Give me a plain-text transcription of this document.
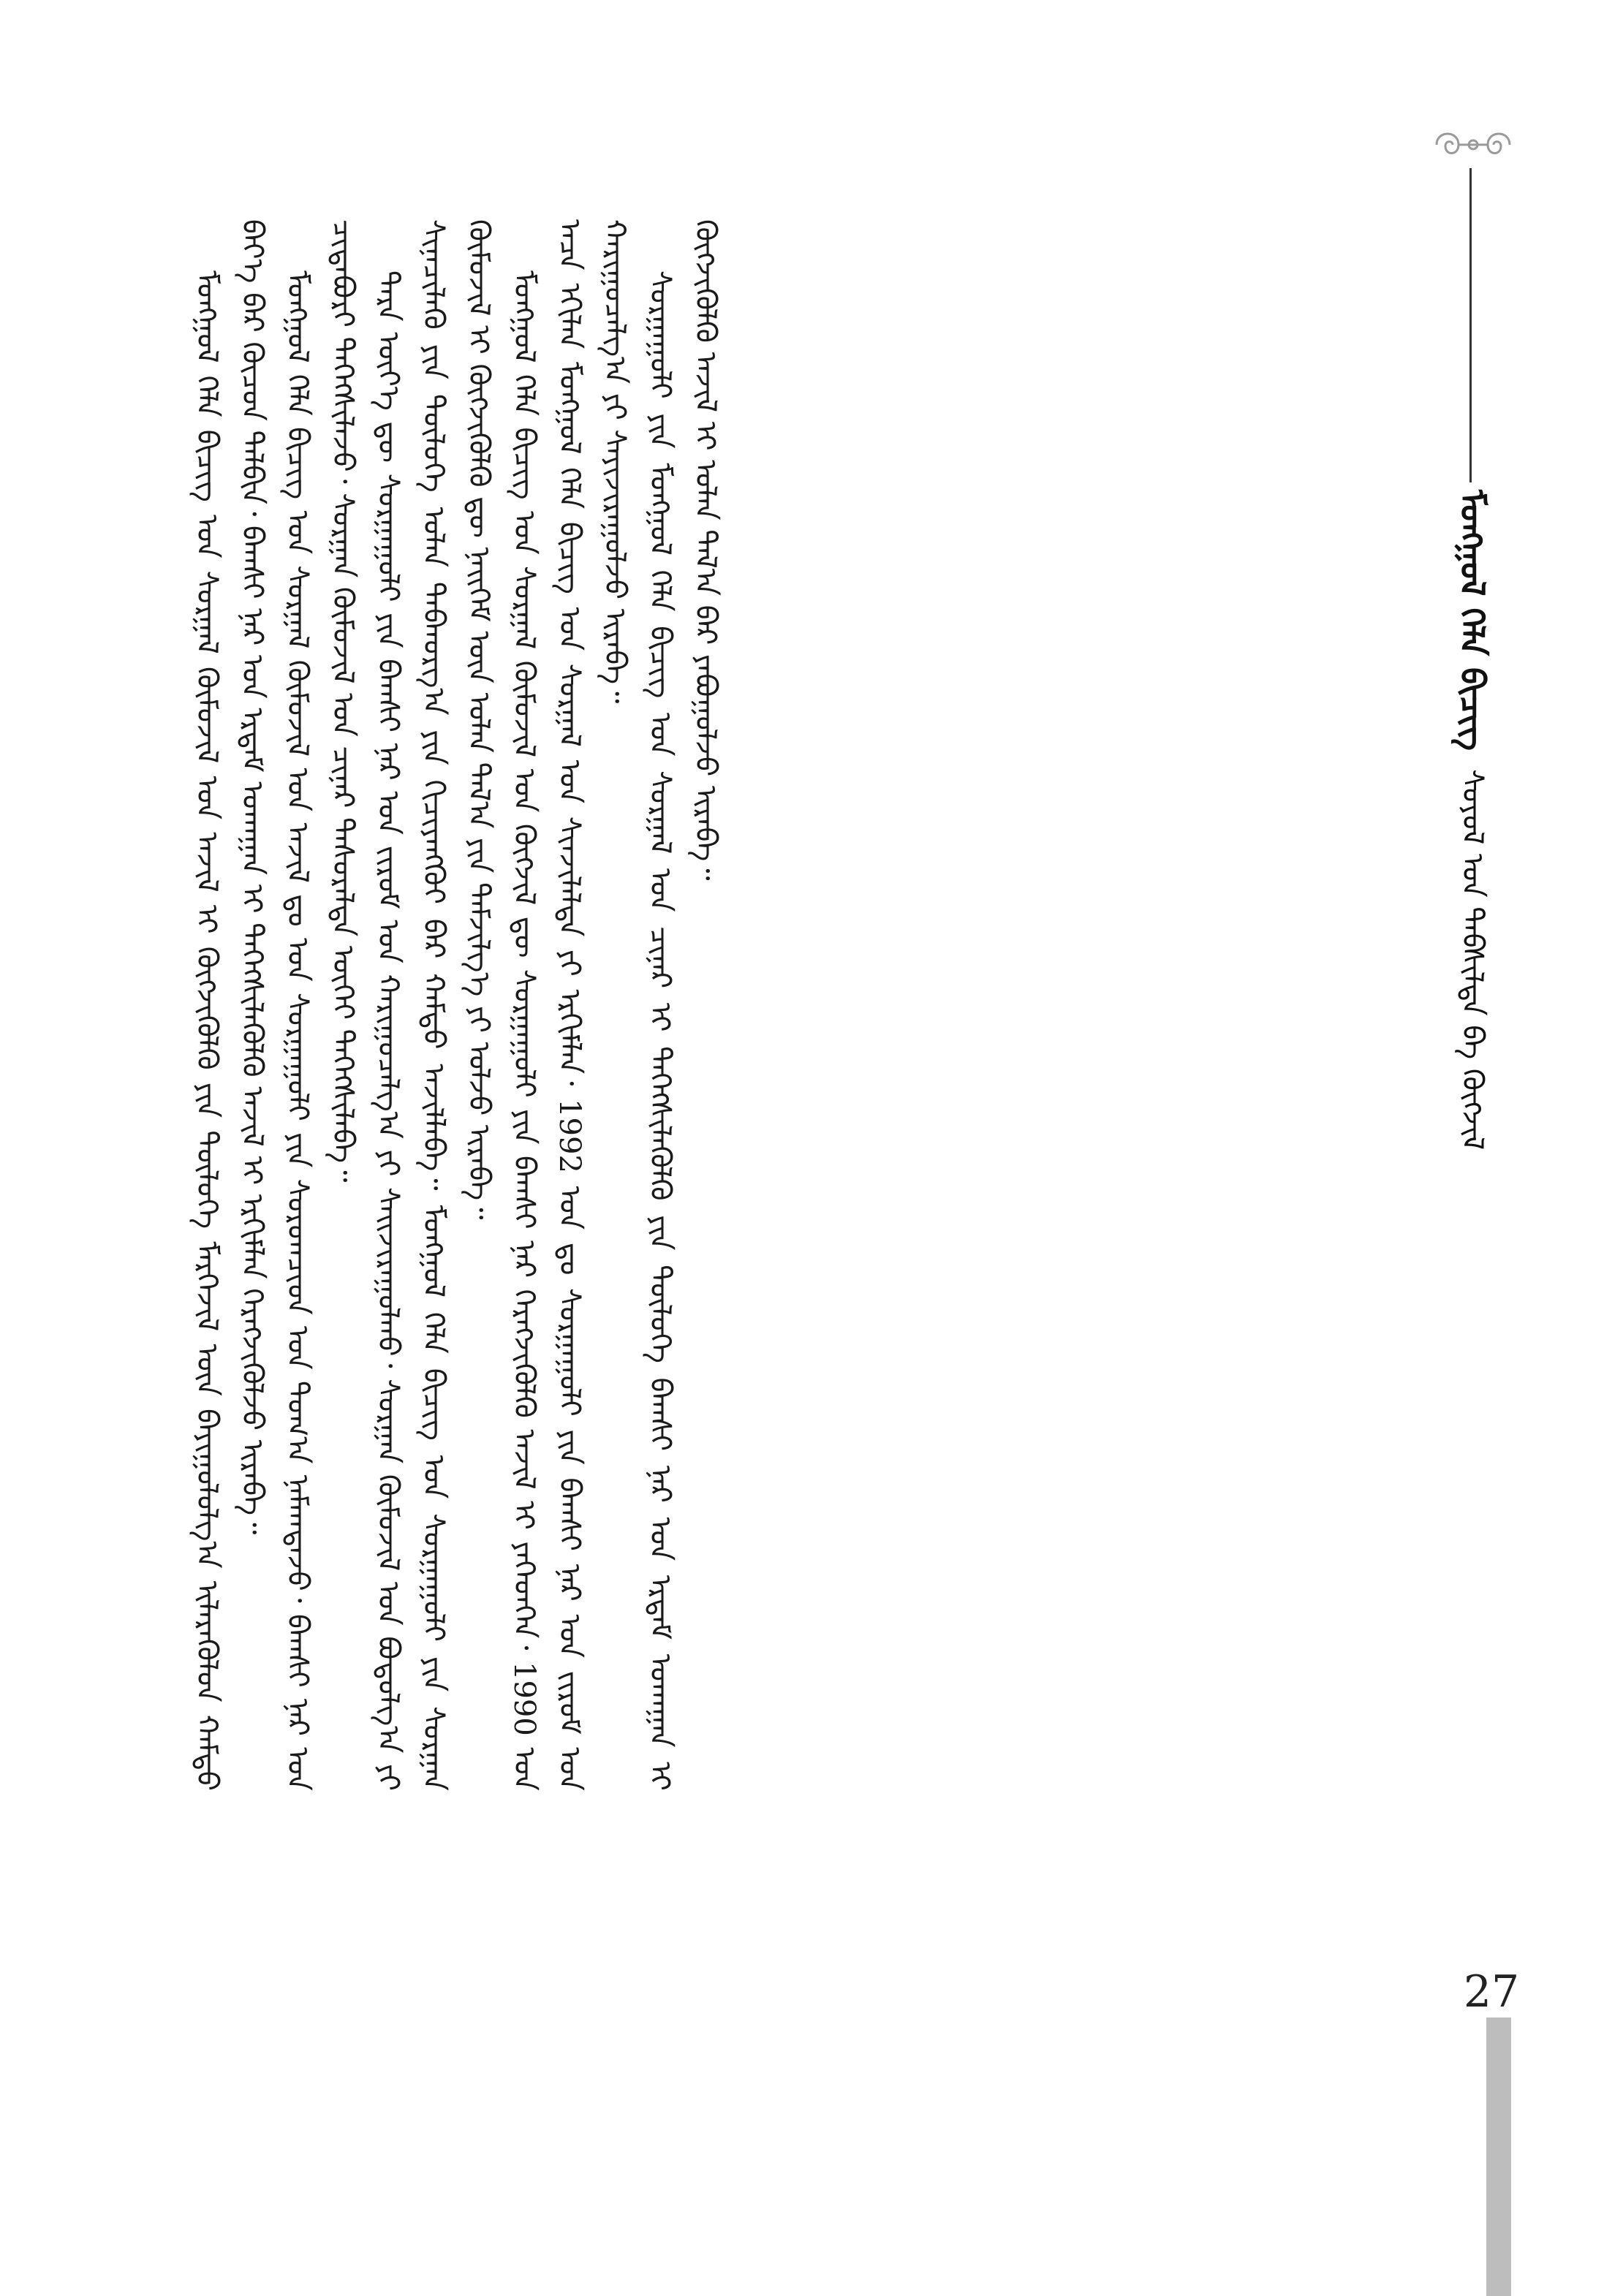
ᠮᠣᠩᠭᠣᠯ ᠬᠡᠯᠡ ᠪᠢᠴᠢᠭ  ᠰᠣᠶᠣᠯ ᠤᠨ ᠳᠡᠪᠰᠢᠯᠲᠡ ᠪᠠ ᠬᠥᠭᠵᠢᠯ

ᠮᠣᠩᠭᠣᠯ ᠬᠡᠯᠡ ᠪᠢᠴᠢᠭ ᠤᠨ ᠰᠤᠷᠭᠠᠯ ᠬᠦᠮᠦᠵᠢᠯ ᠤᠨ ᠠᠵᠢᠯ ᠢ ᠬᠥᠭᠵᠢᠭᠦᠯᠬᠦ ᠶᠢᠨ ᠲᠥᠯᠥᠭᠡ ᠮᠡᠷᠭᠡᠵᠢᠯ ᠦᠨ ᠪᠠᠶᠢᠭᠤᠯᠤᠯᠭ᠎ᠠ ᠢᠯᠡᠷᠡᠭᠦᠯᠦᠨ ᠬᠠᠮᠲᠤ ᠪᠡᠶ᠎ᠡ ᠪᠡᠷ ᠬᠦᠴᠦᠨ ᠲᠠᠯᠪᠢᠨ᠂ ᠪᠠᠭᠰᠢ ᠨᠠᠷ ᠤᠨ ᠡᠷᠳᠡᠮ ᠤᠬᠠᠭᠠᠨ ᠢ ᠳᠡᠭᠡᠭᠰᠢᠯᠡᠭᠦᠯᠬᠦ ᠠᠵᠢᠯ ᠢ ᠡᠷᠬᠢᠮᠯᠡᠨ ᠬᠡᠷᠡᠭᠵᠢᠭᠦᠯᠵᠦ ᠢᠷᠡᠪᠡ᠃ ᠮᠣᠩᠭᠣᠯ ᠬᠡᠯᠡ ᠪᠢᠴᠢᠭ ᠤᠨ ᠰᠤᠷᠭᠠᠯ ᠬᠦᠮᠦᠵᠢᠯ ᠤᠨ ᠠᠵᠢᠯ ᠳᠤ ᠤᠨ ᠰᠤᠷᠭᠠᠭᠤᠯᠢ ᠶᠢᠨ ᠰᠤᠷᠤᠭᠴᠢᠳ ᠤᠨ ᠲᠣᠭ᠎ᠠ ᠨᠡᠮᠡᠭ᠍ᠳᠡᠵᠦ᠂ ᠪᠠᠭᠰᠢ ᠨᠠᠷ ᠤᠨ ᠴᠢᠳᠠᠪᠤᠷᠢ ᠳᠡᠭᠡᠭᠰᠢᠯᠡᠵᠦ᠂ ᠰᠤᠷᠭᠠᠨ ᠬᠦᠮᠦᠵᠢᠯ ᠤᠨ ᠴᠢᠨᠠᠷ ᠲᠠᠰᠤᠷᠠᠯᠲᠠ ᠦᠭᠡᠢ ᠳᠡᠭᠡᠭᠰᠢᠯᠡᠪᠡ᠃ ᠲᠡᠷᠡ ᠦᠶ᠎ᠡ ᠳᠦ ᠰᠤᠷᠭᠠᠭᠤᠯᠢ ᠶᠢᠨ ᠪᠠᠭᠰᠢ ᠨᠠᠷ ᠤᠨ ᠵᠢᠷᠤᠮ ᠤᠨ ᠬᠠᠷᠢᠭᠤᠴᠠᠯᠭ᠎ᠠ ᠶᠢ ᠰᠠᠢᠵᠢᠷᠠᠭᠤᠯᠬᠤ᠂ ᠰᠤᠷᠭᠠᠨ ᠬᠦᠮᠦᠵᠢᠯ ᠤᠨ ᠪᠣᠳᠤᠯᠭ᠎ᠠ ᠶᠢ ᠰᠢᠨᠡᠴᠢᠯᠡᠬᠦ ᠶᠢᠨ ᠲᠥᠯᠥᠭᠡ ᠣᠯᠠᠨ ᠳᠠᠪᠬᠤᠷᠭ᠎ᠠ ᠶᠢᠨ ᠬᠢᠴᠢᠶᠡᠩᠭᠦᠢ ᠪᠠᠷ ᠬᠠᠮᠲᠤ ᠠᠵᠢᠯᠯᠠᠪᠠ᠃ ᠮᠣᠩᠭᠣᠯ ᠬᠡᠯᠡ ᠪᠢᠴᠢᠭ ᠤᠨ ᠰᠤᠷᠭᠠᠭᠤᠯᠢ ᠶᠢᠨ ᠰᠤᠷᠭᠠᠨ ᠬᠦᠮᠦᠵᠢᠯ ᠢ ᠬᠥᠭᠵᠢᠭᠦᠯᠬᠦ ᠳᠦ ᠨᠡᠢᠭᠡᠮ ᠦᠨ ᠣᠯᠠᠨ ᠲᠠᠯ᠎ᠠ ᠶᠢᠨ ᠳᠡᠮᠵᠢᠯᠭ᠎ᠡ ᠶᠢ ᠣᠯᠵᠤ ᠢᠷᠡᠪᠡ᠃ ᠮᠣᠩᠭᠣᠯ ᠬᠡᠯᠡ ᠪᠢᠴᠢᠭ ᠤᠨ ᠰᠤᠷᠭᠠᠯ ᠬᠦᠮᠦᠵᠢᠯ ᠤᠨ ᠬᠥᠭᠵᠢᠯ ᠳᠦ ᠰᠤᠷᠭᠠᠭᠤᠯᠢ ᠶᠢᠨ ᠪᠠᠭᠰᠢ ᠨᠠᠷ ᠬᠡᠷᠡᠭᠵᠢᠭᠦᠯᠬᠦ ᠠᠵᠢᠯ ᠢ ᠶᠡᠬᠡᠳᠬᠡᠨ᠂ 1990 ᠣᠨ ᠠᠴᠠ ᠡᠬᠢᠯᠡᠨ ᠮᠣᠩᠭᠣᠯ ᠬᠡᠯᠡ ᠪᠢᠴᠢᠭ ᠤᠨ ᠰᠤᠷᠭᠠᠯ ᠤᠨ ᠰᠢᠨᠵᠢᠯᠡᠯᠲᠡ ᠶᠢ ᠡᠷᠬᠢᠮᠯᠡᠨ᠂ 1992 ᠣᠨ ᠳᠤ ᠰᠤᠷᠭᠠᠭᠤᠯᠢ ᠶᠢᠨ ᠪᠠᠭᠰᠢ ᠨᠠᠷ ᠤᠨ ᠵᠢᠷᠤᠮ ᠤᠨ ᠬᠠᠷᠢᠭᠤᠴᠠᠯᠭ᠎ᠠ ᠶᠢ ᠰᠠᠶᠢᠵᠢᠷᠠᠭᠤᠯᠵᠤ ᠢᠷᠡᠪᠡ᠃ ᠰᠤᠷᠭᠠᠭᠤᠯᠢ ᠶᠢᠨ ᠮᠣᠩᠭᠣᠯ ᠬᠡᠯᠡ ᠪᠢᠴᠢᠭ ᠤᠨ ᠰᠤᠷᠭᠠᠯ ᠤᠨ ᠴᠢᠨᠠᠷ ᠢ ᠳᠡᠭᠡᠭᠰᠢᠯᠡᠭᠦᠯᠬᠦ ᠶᠢᠨ ᠲᠥᠯᠥᠭᠡ ᠪᠠᠭᠰᠢ ᠨᠠᠷ ᠤᠨ ᠡᠷᠳᠡᠮ ᠤᠬᠠᠭᠠᠨ ᠢ ᠬᠥᠭᠵᠢᠭᠦᠯᠬᠦ ᠠᠵᠢᠯ ᠢ ᠣᠯᠠᠨ ᠲᠠᠯ᠎ᠠ ᠪᠠᠷ ᠶᠠᠪᠤᠭᠤᠯᠵᠤ ᠢᠷᠡᠪᠡ᠃

27
